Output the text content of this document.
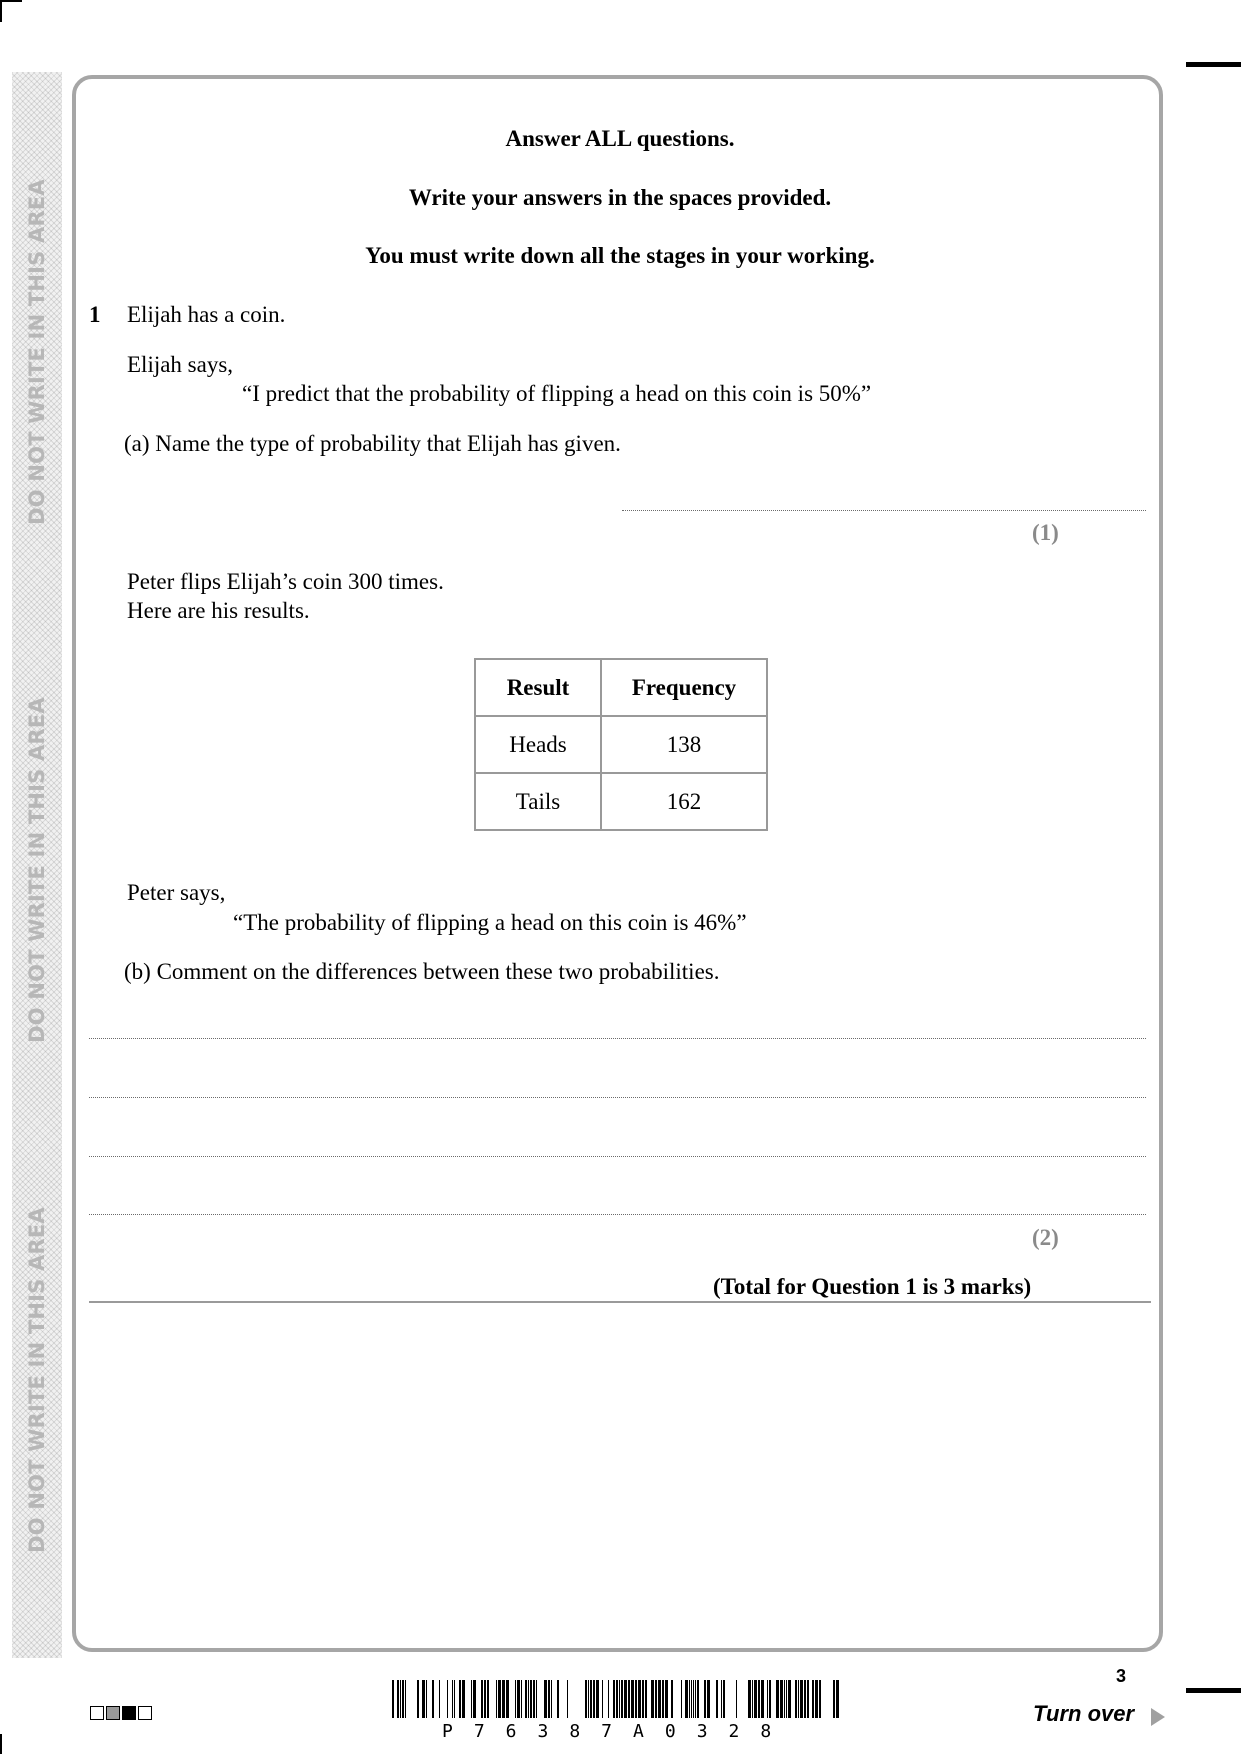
DO NOT WRITE IN THIS AREA
DO NOT WRITE IN THIS AREA
DO NOT WRITE IN THIS AREA
Answer ALL questions.
Write your answers in the spaces provided.
You must write down all the stages in your working.
1 Elijah has a coin.
Elijah says,
“I predict that the probability of flipping a head on this coin is 50%”
(a) Name the type of probability that Elijah has given.
(1)
Peter flips Elijah’s coin 300 times.
Here are his results.
Result	Frequency
Heads	138
Tails	162
Peter says,
“The probability of flipping a head on this coin is 46%”
(b) Comment on the differences between these two probabilities.
(2)
(Total for Question 1 is 3 marks)
P76387A0328
3
Turn over
